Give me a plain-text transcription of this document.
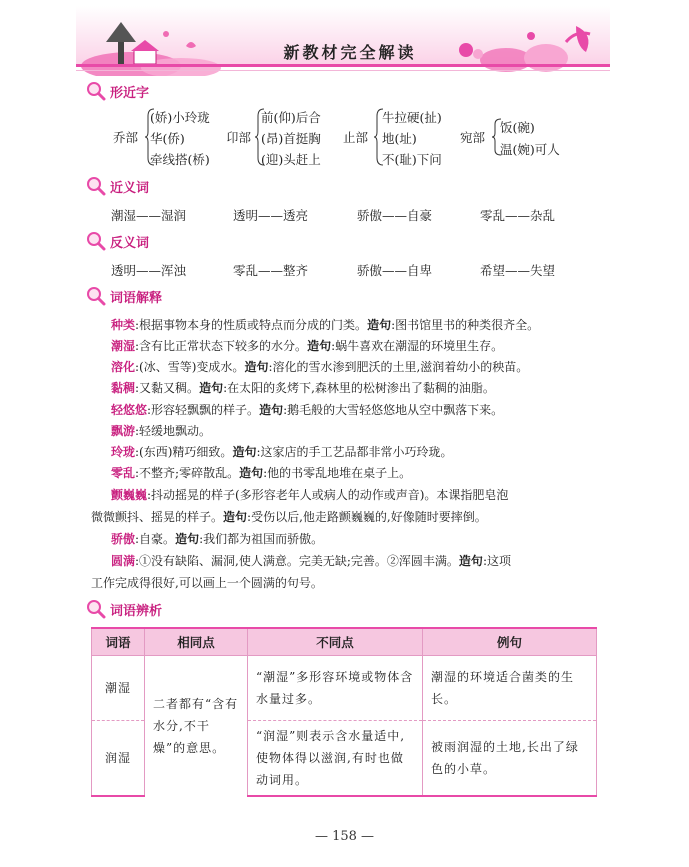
新教材完全解读
形近字
乔部
(娇)小玲珑
华(侨)
牵线搭(桥)
卬部
前(仰)后合
(昂)首挺胸
(迎)头赶上
止部
牛拉硬(扯)
地(址)
不(耻)下问
宛部
饭(碗)
温(婉)可人
近义词
潮湿——湿润	透明——透亮	骄傲——自豪	零乱——杂乱
反义词
透明——浑浊	零乱——整齐	骄傲——自卑	希望——失望
词语解释
种类:根据事物本身的性质或特点而分成的门类。造句:图书馆里书的种类很齐全。
潮湿:含有比正常状态下较多的水分。造句:蜗牛喜欢在潮湿的环境里生存。
溶化:(冰、雪等)变成水。造句:溶化的雪水渗到肥沃的土里,滋润着幼小的秧苗。
黏稠:又黏又稠。造句:在太阳的炙烤下,森林里的松树渗出了黏稠的油脂。
轻悠悠:形容轻飘飘的样子。造句:鹅毛般的大雪轻悠悠地从空中飘落下来。
飘游:轻缓地飘动。
玲珑:(东西)精巧细致。造句:这家店的手工艺品都非常小巧玲珑。
零乱:不整齐;零碎散乱。造句:他的书零乱地堆在桌子上。
颤巍巍:抖动摇晃的样子(多形容老年人或病人的动作或声音)。本课指肥皂泡
微微颤抖、摇晃的样子。造句:受伤以后,他走路颤巍巍的,好像随时要摔倒。
骄傲:自豪。造句:我们都为祖国而骄傲。
圆满:①没有缺陷、漏洞,使人满意。完美无缺;完善。②浑圆丰满。造句:这项
工作完成得很好,可以画上一个圆满的句号。
词语辨析
词语	相同点	不同点	例句
潮湿	二者都有“含有水分,不干燥”的意思。	“潮湿”多形容环境或物体含水量过多。	潮湿的环境适合菌类的生长。
润湿		“润湿”则表示含水量适中,使物体得以滋润,有时也做动词用。	被雨润湿的土地,长出了绿色的小草。
— 158 —
